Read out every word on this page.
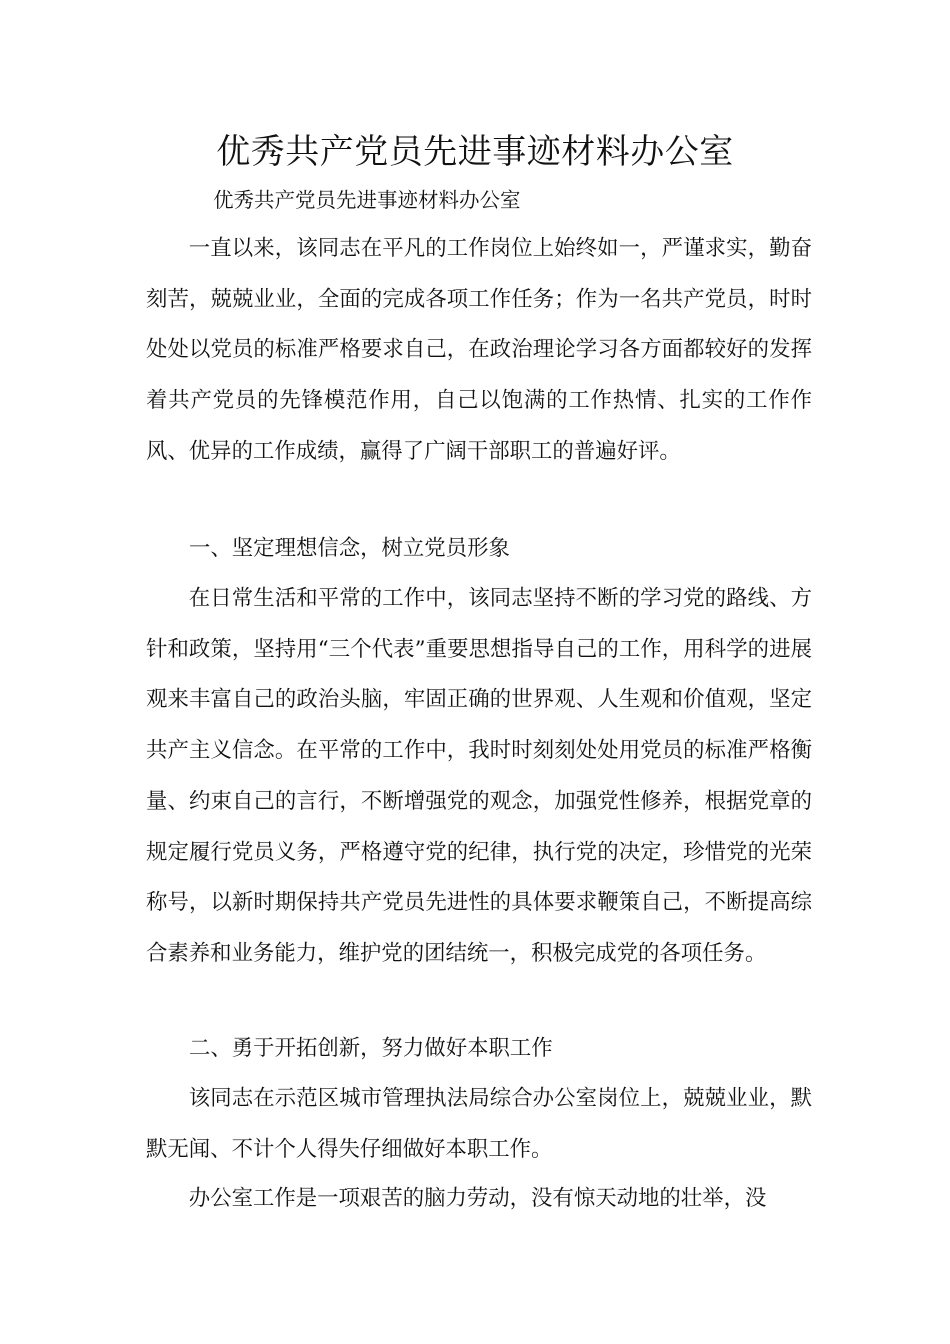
优秀共产党员先进事迹材料办公室
优秀共产党员先进事迹材料办公室

一直以来，该同志在平凡的工作岗位上始终如一，严谨求实，勤奋刻苦，兢兢业业，全面的完成各项工作任务；作为一名共产党员，时时处处以党员的标准严格要求自己，在政治理论学习各方面都较好的发挥着共产党员的先锋模范作用，自己以饱满的工作热情、扎实的工作作风、优异的工作成绩，赢得了广阔干部职工的普遍好评。

一、坚定理想信念，树立党员形象

在日常生活和平常的工作中，该同志坚持不断的学习党的路线、方针和政策，坚持用“三个代表”重要思想指导自己的工作，用科学的进展观来丰富自己的政治头脑，牢固正确的世界观、人生观和价值观，坚定共产主义信念。在平常的工作中，我时时刻刻处处用党员的标准严格衡量、约束自己的言行，不断增强党的观念，加强党性修养，根据党章的规定履行党员义务，严格遵守党的纪律，执行党的决定，珍惜党的光荣称号，以新时期保持共产党员先进性的具体要求鞭策自己，不断提高综合素养和业务能力，维护党的团结统一，积极完成党的各项任务。

二、勇于开拓创新，努力做好本职工作

该同志在示范区城市管理执法局综合办公室岗位上，兢兢业业，默默无闻、不计个人得失仔细做好本职工作。

办公室工作是一项艰苦的脑力劳动，没有惊天动地的壮举，没
